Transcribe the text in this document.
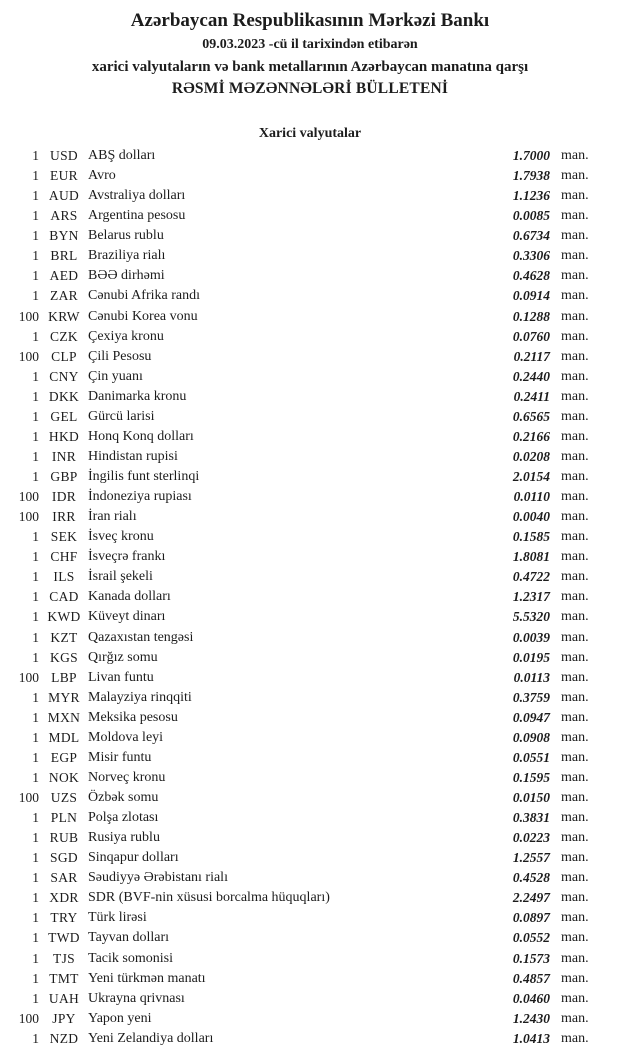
Azərbaycan Respublikasının Mərkəzi Bankı
09.03.2023 -cü il tarixindən etibarən
xarici valyutaların və bank metallarının Azərbaycan manatına qarşı
RƏSMİ MƏZƏNNƏLƏRİ BÜLLETENİ
Xarici valyutalar
1 USD ABŞ dolları	1.7000 man.
1 EUR Avro	1.7938 man.
1 AUD Avstraliya dolları	1.1236 man.
1 ARS Argentina pesosu	0.0085 man.
1 BYN Belarus rublu	0.6734 man.
1 BRL Braziliya rialı	0.3306 man.
1 AED BƏƏ dirhəmi	0.4628 man.
1 ZAR Cənubi Afrika randı	0.0914 man.
100 KRW Cənubi Korea vonu	0.1288 man.
1 CZK Çexiya kronu	0.0760 man.
100 CLP Çili Pesosu	0.2117 man.
1 CNY Çin yuanı	0.2440 man.
1 DKK Danimarka kronu	0.2411 man.
1 GEL Gürcü larisi	0.6565 man.
1 HKD Honq Konq dolları	0.2166 man.
1 INR Hindistan rupisi	0.0208 man.
1 GBP İngilis funt sterlinqi	2.0154 man.
100 IDR İndoneziya rupiası	0.0110 man.
100 IRR İran rialı	0.0040 man.
1 SEK İsveç kronu	0.1585 man.
1 CHF İsveçrə frankı	1.8081 man.
1	ILS İsrail şekeli	0.4722 man.
1 CAD Kanada dolları	1.2317 man.
1 KWD Küveyt dinarı	5.5320 man.
1 KZT Qazaxıstan tengəsi	0.0039 man.
1 KGS Qırğız somu	0.0195 man.
100 LBP Livan funtu	0.0113 man.
1 MYR Malayziya rinqqiti	0.3759 man.
1 MXN Meksika pesosu	0.0947 man.
1 MDL Moldova leyi	0.0908 man.
1 EGP Misir funtu	0.0551 man.
1 NOK Norveç kronu	0.1595 man.
100 UZS Özbək somu	0.0150 man.
1 PLN Polşa zlotası	0.3831 man.
1 RUB Rusiya rublu	0.0223 man.
1 SGD Sinqapur dolları	1.2557 man.
1 SAR Səudiyyə Ərəbistanı rialı	0.4528 man.
1 XDR SDR (BVF-nin xüsusi borcalma hüquqları)	2.2497 man.
1 TRY Türk lirəsi	0.0897 man.
1 TWD Tayvan dolları	0.0552 man.
1	TJS Tacik somonisi	0.1573 man.
1 TMT Yeni türkmən manatı	0.4857 man.
1 UAH Ukrayna qrivnası	0.0460 man.
100 JPY Yapon yeni	1.2430 man.
1 NZD Yeni Zelandiya dolları	1.0413 man.
